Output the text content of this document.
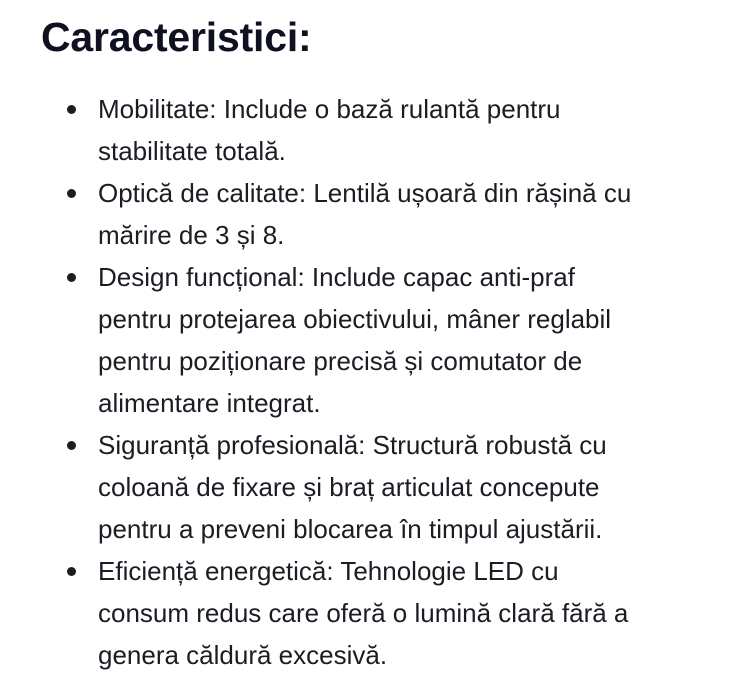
Caracteristici:
Mobilitate: Include o bază rulantă pentru
stabilitate totală.
Optică de calitate: Lentilă ușoară din rășină cu
mărire de 3 și 8.
Design funcțional: Include capac anti-praf
pentru protejarea obiectivului, mâner reglabil
pentru poziționare precisă și comutator de
alimentare integrat.
Siguranță profesională: Structură robustă cu
coloană de fixare și braț articulat concepute
pentru a preveni blocarea în timpul ajustării.
Eficiență energetică: Tehnologie LED cu
consum redus care oferă o lumină clară fără a
genera căldură excesivă.
